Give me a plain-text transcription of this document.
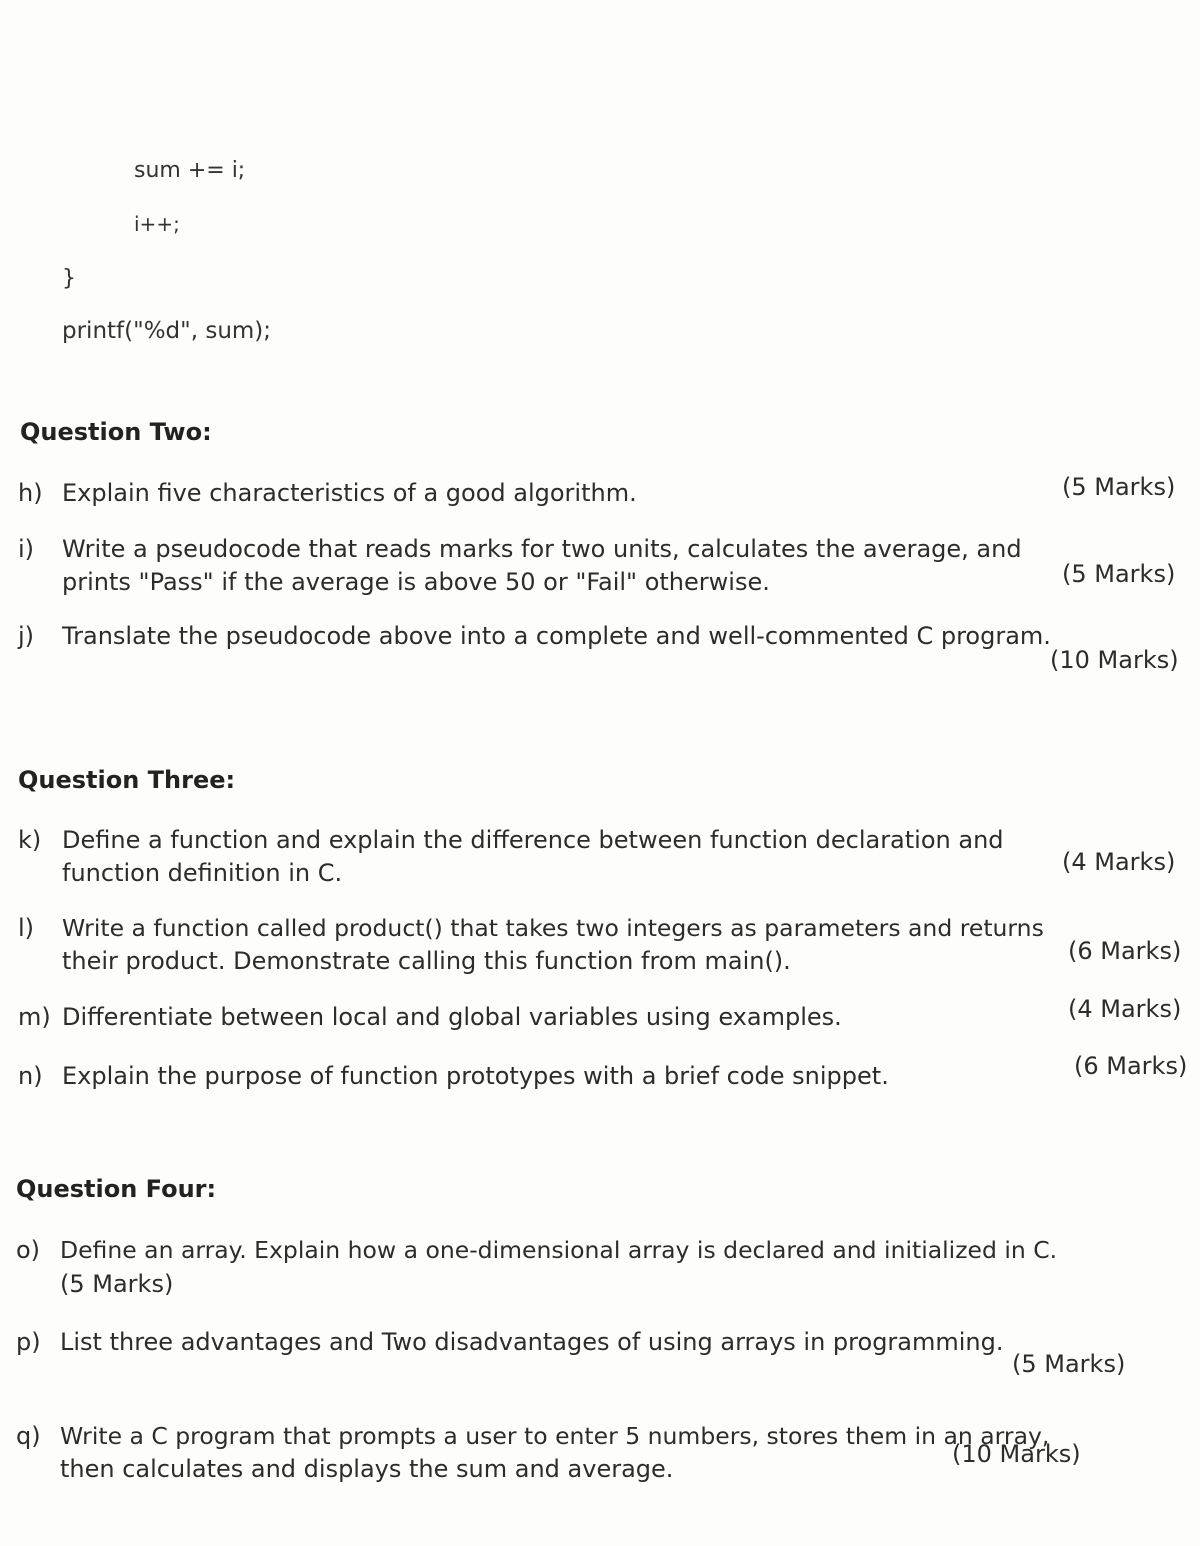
sum += i;
i++;
}
printf("%d", sum);
Question Two:
h) Explain five characteristics of a good algorithm.	(5 Marks)
i) Write a pseudocode that reads marks for two units, calculates the average, and
prints "Pass" if the average is above 50 or "Fail" otherwise.	(5 Marks)
j) Translate the pseudocode above into a complete and well-commented C program.
(10 Marks)
Question Three:
k) Define a function and explain the difference between function declaration and
function definition in C.	(4 Marks)
l) Write a function called product() that takes two integers as parameters and returns
their product. Demonstrate calling this function from main().	(6 Marks)
m) Differentiate between local and global variables using examples.	(4 Marks)
n) Explain the purpose of function prototypes with a brief code snippet.	(6 Marks)
Question Four:
o) Define an array. Explain how a one-dimensional array is declared and initialized in C.
(5 Marks)
p) List three advantages and Two disadvantages of using arrays in programming.
(5 Marks)
q) Write a C program that prompts a user to enter 5 numbers, stores them in an array,
then calculates and displays the sum and average.
(10 Marks)
